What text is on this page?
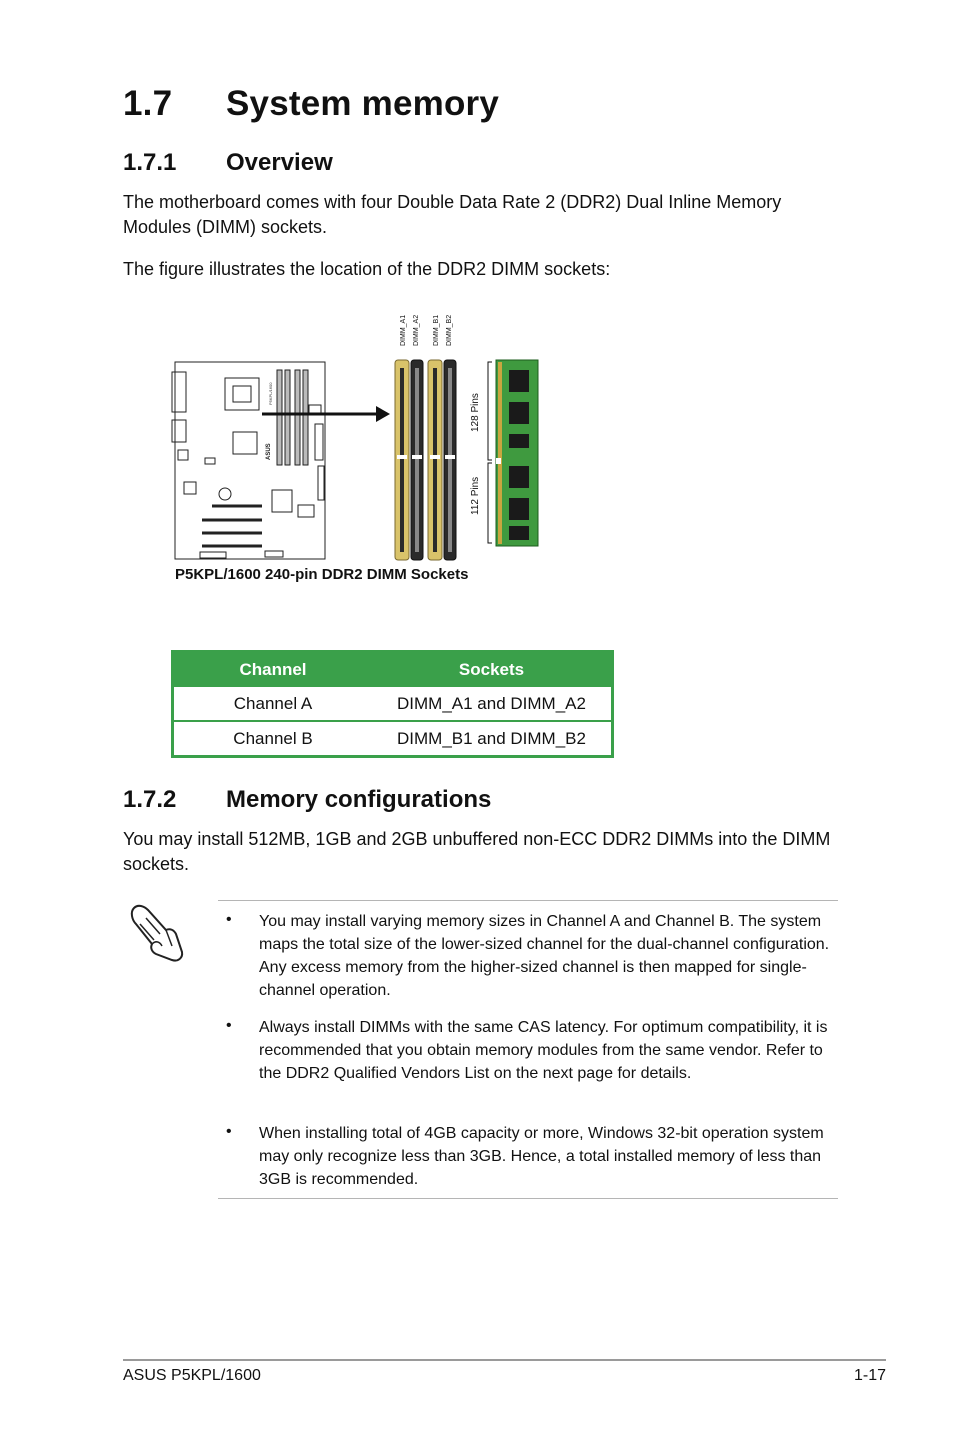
1.7 System memory
1.7.1 Overview

The motherboard comes with four Double Data Rate 2 (DDR2) Dual Inline Memory Modules (DIMM) sockets.

The figure illustrates the location of the DDR2 DIMM sockets:

P5KPL/1600
ASUS
DIMM_A1 DIMM_A2 DIMM_B1 DIMM_B2
128 Pins
112 Pins
P5KPL/1600 240-pin DDR2 DIMM Sockets
Channel	Sockets
Channel A	DIMM_A1 and DIMM_A2
Channel B	DIMM_B1 and DIMM_B2
1.7.2 Memory configurations

You may install 512MB, 1GB and 2GB unbuffered non-ECC DDR2 DIMMs into the DIMM sockets.

• You may install varying memory sizes in Channel A and Channel B. The system maps the total size of the lower-sized channel for the dual-channel configuration. Any excess memory from the higher-sized channel is then mapped for single-channel operation.

• Always install DIMMs with the same CAS latency. For optimum compatibility, it is recommended that you obtain memory modules from the same vendor. Refer to the DDR2 Qualified Vendors List on the next page for details.

• When installing total of 4GB capacity or more, Windows 32-bit operation system may only recognize less than 3GB. Hence, a total installed memory of less than 3GB is recommended.

ASUS P5KPL/1600	1-17
